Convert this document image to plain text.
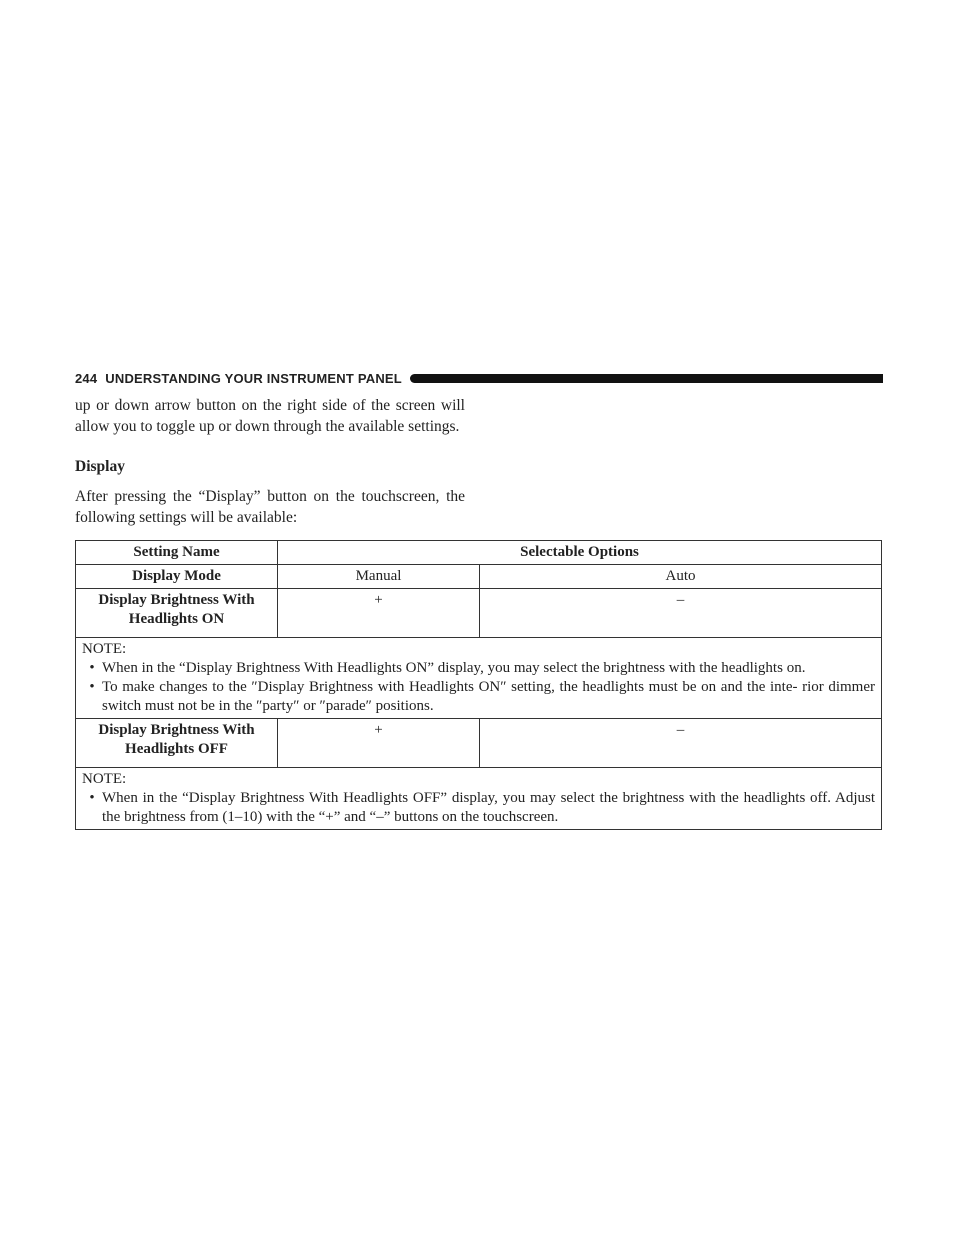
244 UNDERSTANDING YOUR INSTRUMENT PANEL
up or down arrow button on the right side of the screen will allow you to toggle up or down through the available settings.
Display
After pressing the “Display” button on the touchscreen, the following settings will be available:
Setting Name	Selectable Options	
Display Mode	Manual	Auto
Display Brightness With Headlights ON	+	–

NOTE:
• When in the “Display Brightness With Headlights ON” display, you may select the brightness with the headlights on.
• To make changes to the ″Display Brightness with Headlights ON″ setting, the headlights must be on and the inte- rior dimmer switch must not be in the ″party″ or ″parade″ positions.		

Display Brightness With Headlights OFF	+	–

NOTE:
• When in the “Display Brightness With Headlights OFF” display, you may select the brightness with the headlights off. Adjust the brightness from (1–10) with the “+” and “–” buttons on the touchscreen.		
